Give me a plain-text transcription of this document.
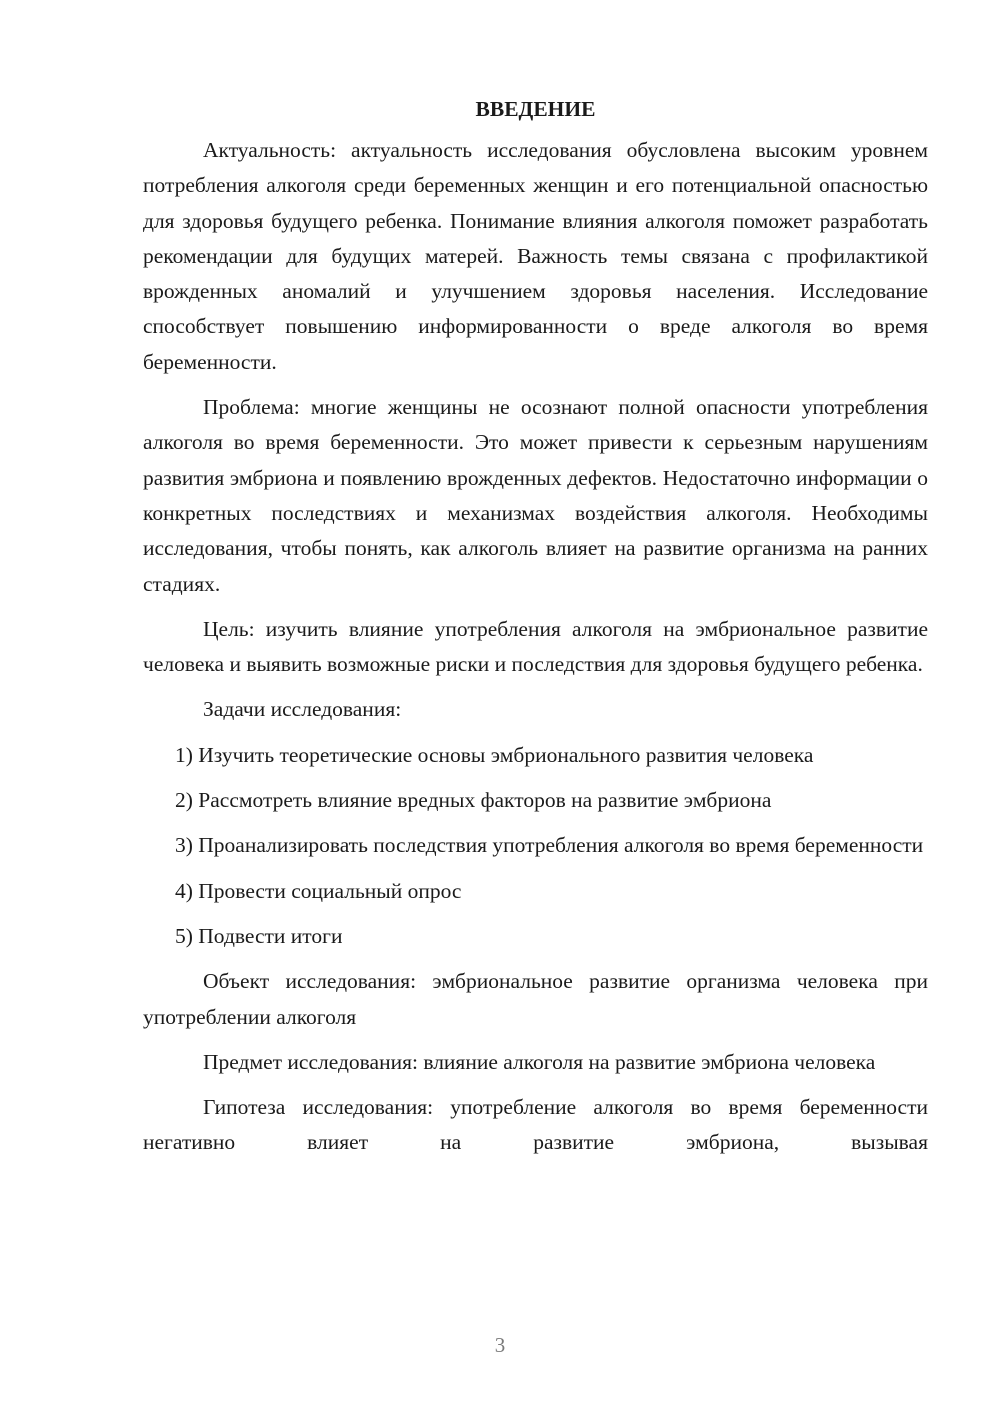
ВВЕДЕНИЕ

Актуальность: актуальность исследования обусловлена высоким уровнем потребления алкоголя среди беременных женщин и его потенциальной опасностью для здоровья будущего ребенка. Понимание влияния алкоголя поможет разработать рекомендации для будущих матерей. Важность темы связана с профилактикой врожденных аномалий и улучшением здоровья населения. Исследование способствует повышению информированности о вреде алкоголя во время беременности.

Проблема: многие женщины не осознают полной опасности употребления алкоголя во время беременности. Это может привести к серьезным нарушениям развития эмбриона и появлению врожденных дефектов. Недостаточно информации о конкретных последствиях и механизмах воздействия алкоголя. Необходимы исследования, чтобы понять, как алкоголь влияет на развитие организма на ранних стадиях.

Цель: изучить влияние употребления алкоголя на эмбриональное развитие человека и выявить возможные риски и последствия для здоровья будущего ребенка.

Задачи исследования:

1) Изучить теоретические основы эмбрионального развития человека

2) Рассмотреть влияние вредных факторов на развитие эмбриона

3) Проанализировать последствия употребления алкоголя во время беременности

4) Провести социальный опрос

5) Подвести итоги

Объект исследования: эмбриональное развитие организма человека при употреблении алкоголя

Предмет исследования: влияние алкоголя на развитие эмбриона человека

Гипотеза исследования: употребление алкоголя во время беременности негативно влияет на развитие эмбриона, вызывая

3
